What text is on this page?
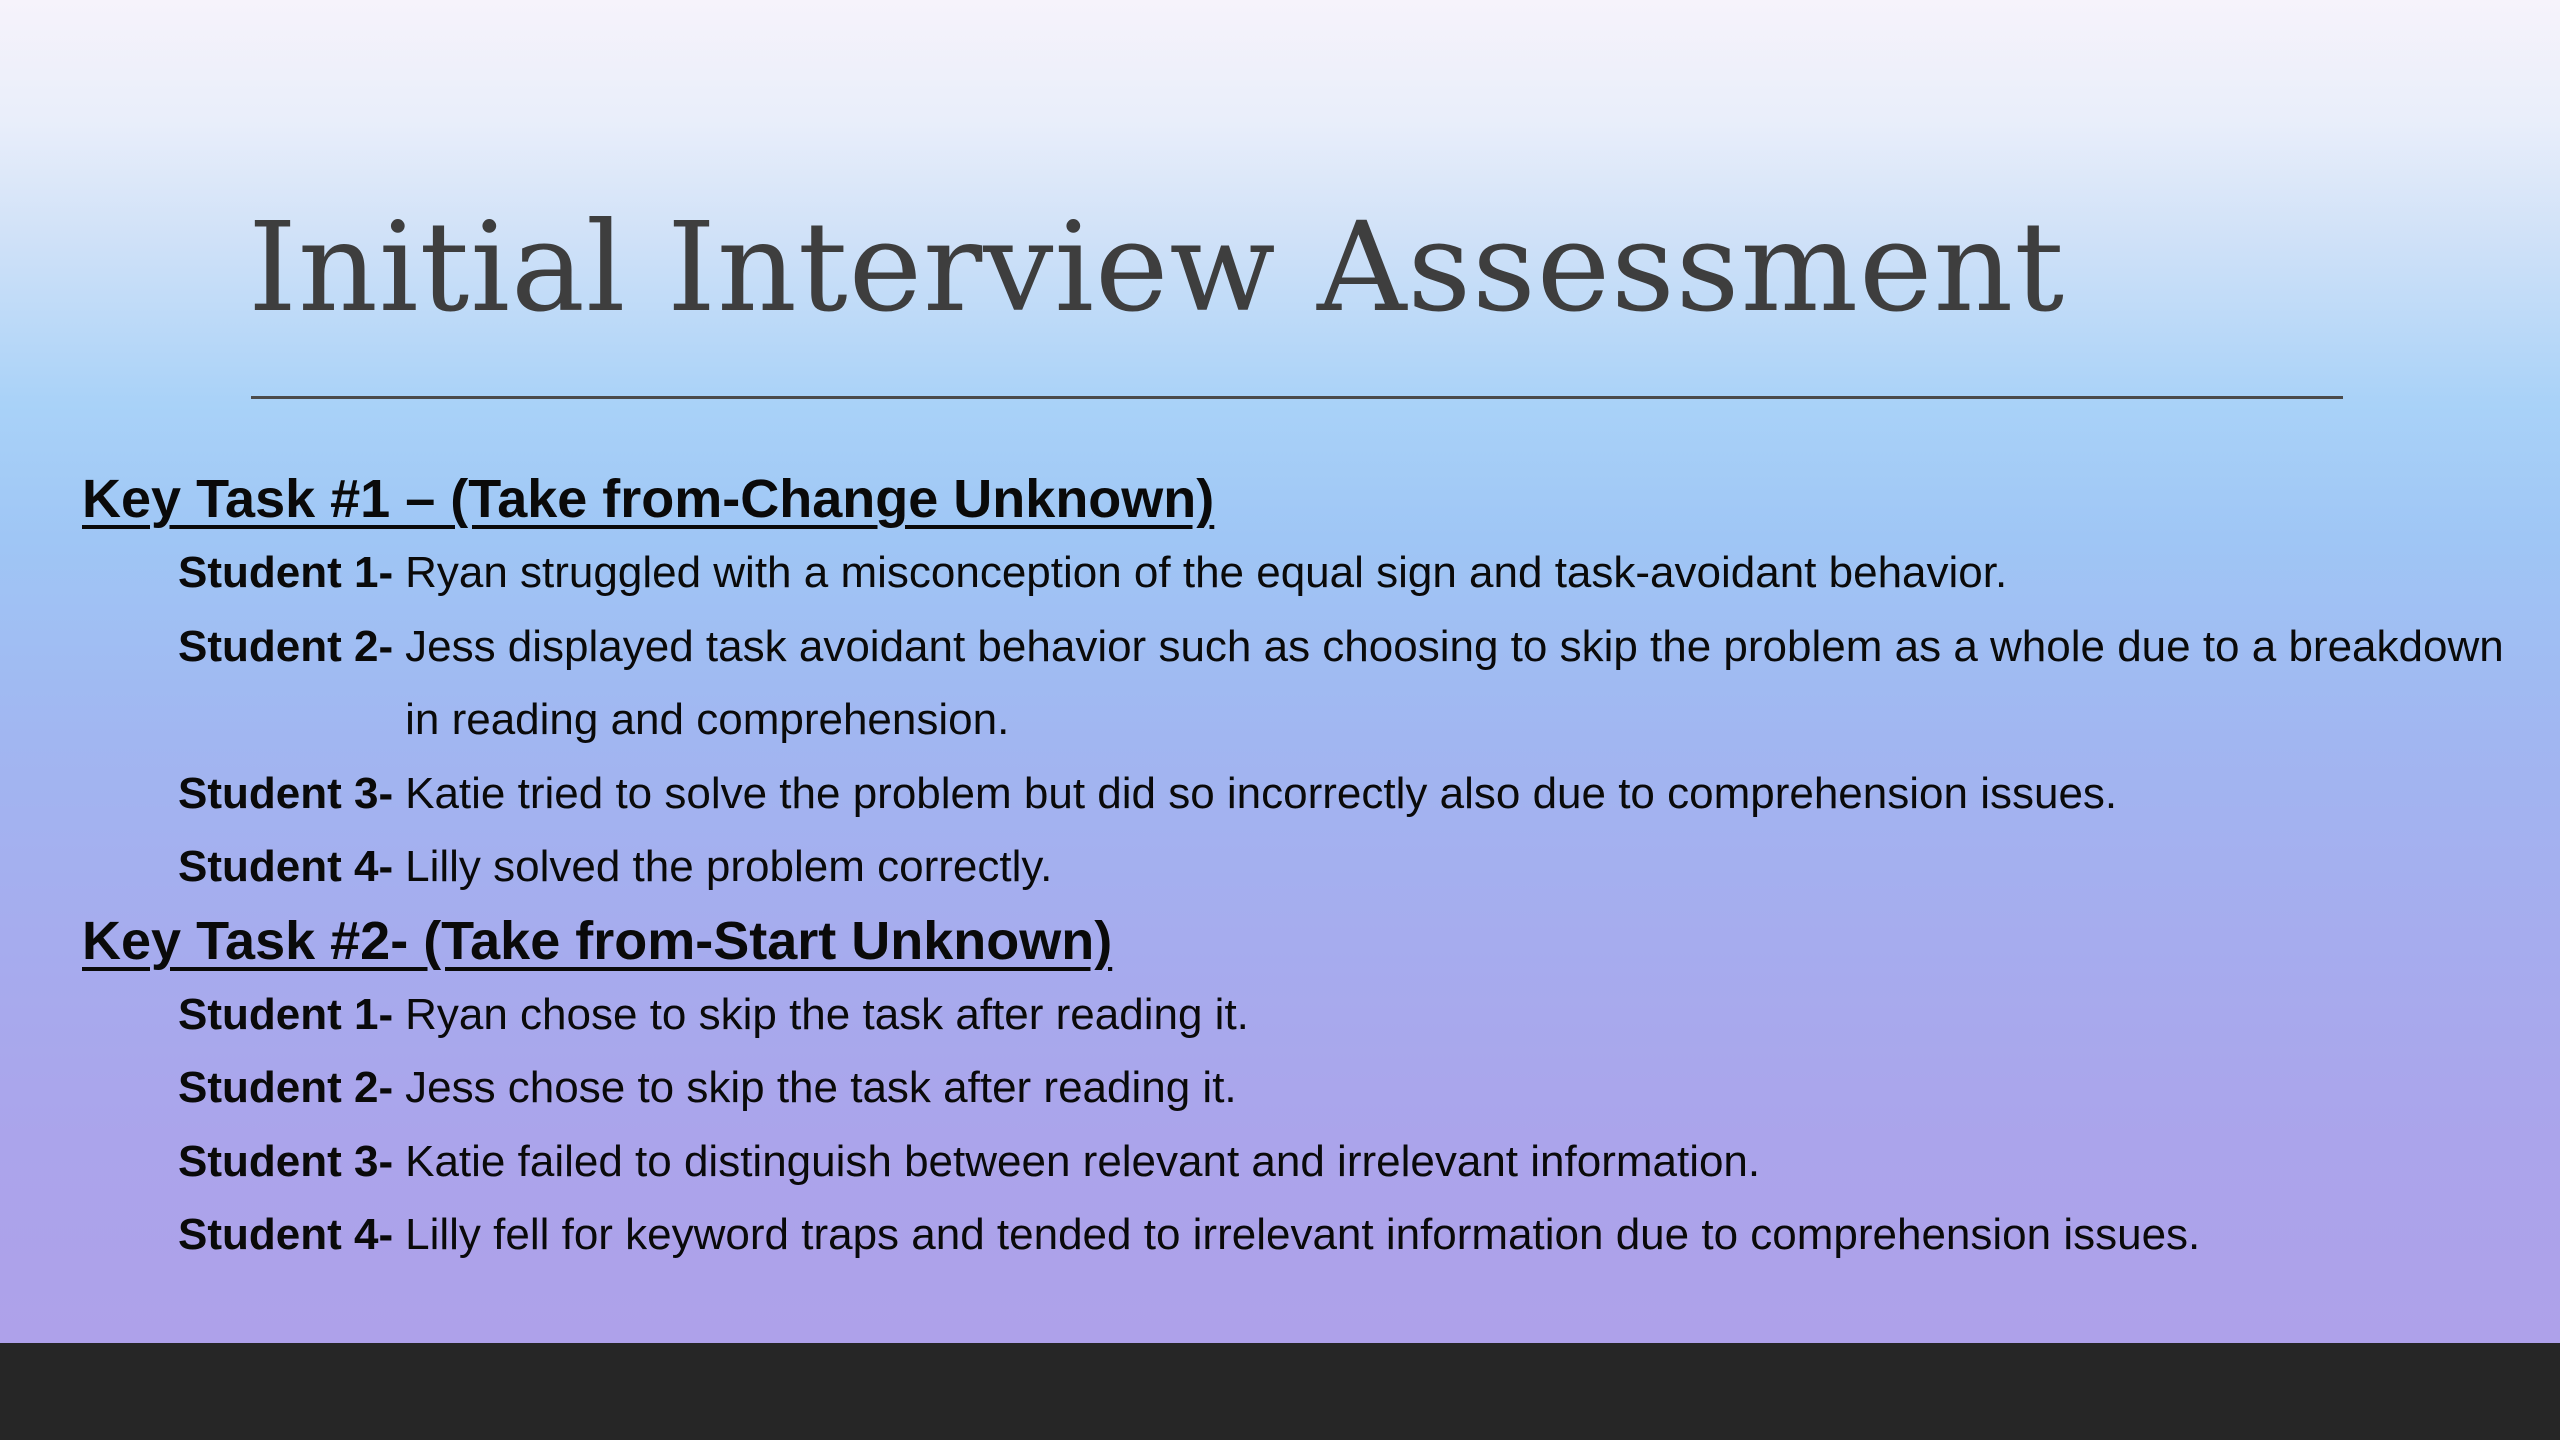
Initial Interview Assessment

Key Task #1 – (Take from-Change Unknown)

Student 1- Ryan struggled with a misconception of the equal sign and task-avoidant behavior.
Student 2- Jess displayed task avoidant behavior such as choosing to skip the problem as a whole due to a breakdown in reading and comprehension.
Student 3- Katie tried to solve the problem but did so incorrectly also due to comprehension issues.
Student 4- Lilly solved the problem correctly.

Key Task #2- (Take from-Start Unknown)

Student 1- Ryan chose to skip the task after reading it.
Student 2- Jess chose to skip the task after reading it.
Student 3- Katie failed to distinguish between relevant and irrelevant information.
Student 4- Lilly fell for keyword traps and tended to irrelevant information due to comprehension issues.
